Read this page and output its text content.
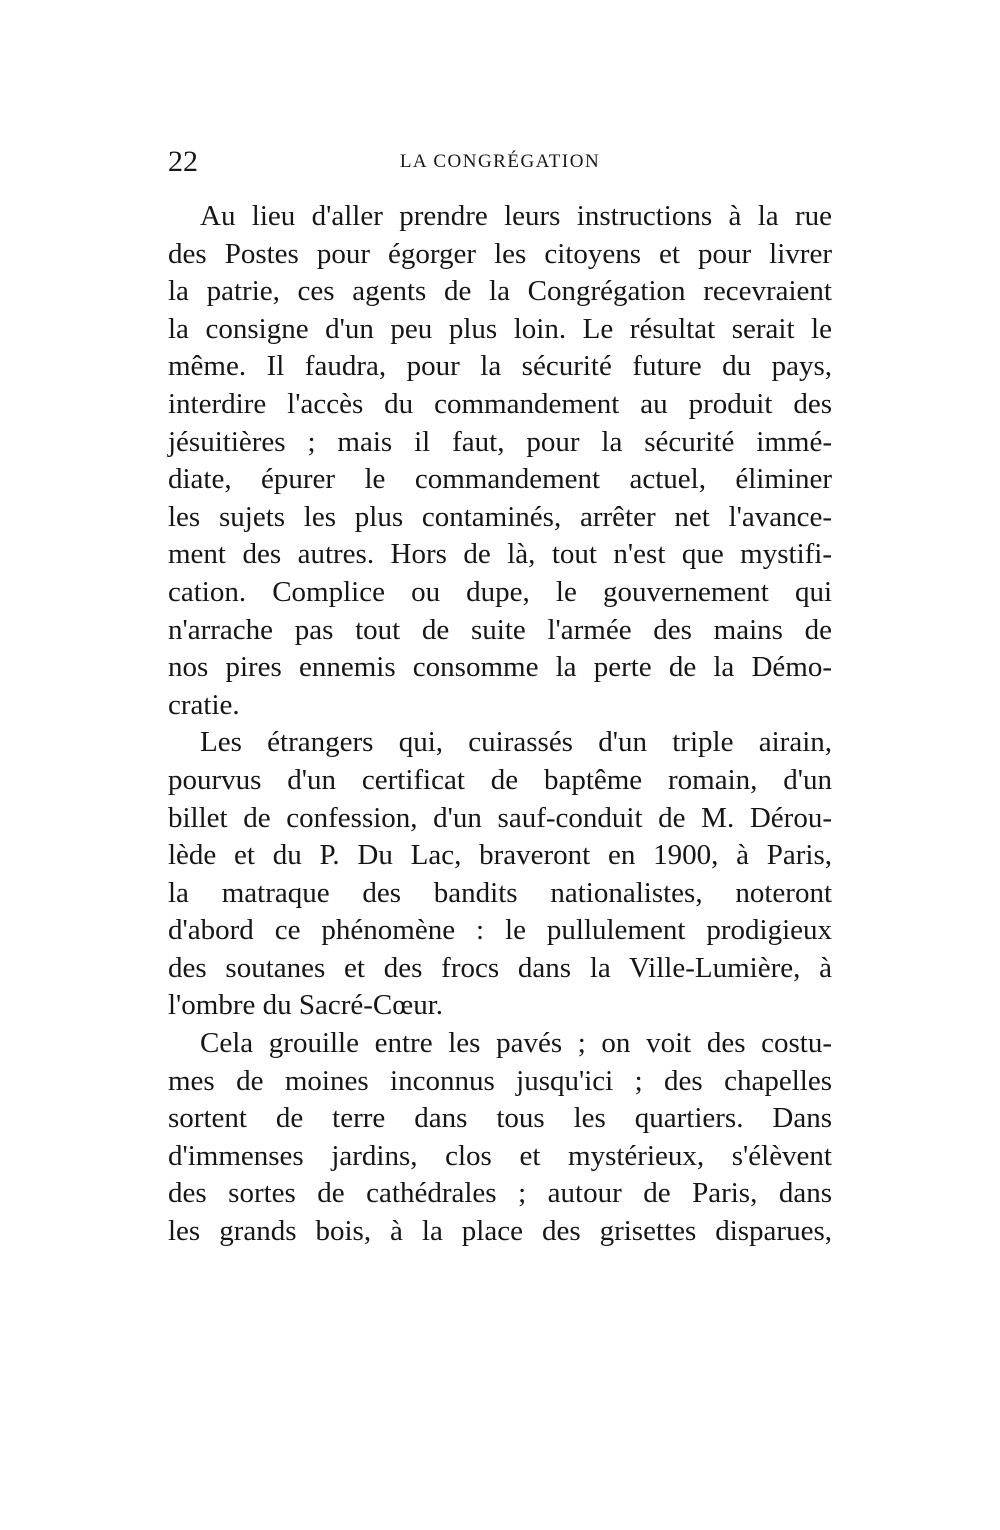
22	LA CONGRÉGATION
Au lieu d'aller prendre leurs instructions à la rue
des Postes pour égorger les citoyens et pour livrer
la patrie, ces agents de la Congrégation recevraient
la consigne d'un peu plus loin. Le résultat serait le
même. Il faudra, pour la sécurité future du pays,
interdire l'accès du commandement au produit des
jésuitières ; mais il faut, pour la sécurité immé-
diate, épurer le commandement actuel, éliminer
les sujets les plus contaminés, arrêter net l'avance-
ment des autres. Hors de là, tout n'est que mystifi-
cation. Complice ou dupe, le gouvernement qui
n'arrache pas tout de suite l'armée des mains de
nos pires ennemis consomme la perte de la Démo-
cratie.
Les étrangers qui, cuirassés d'un triple airain,
pourvus d'un certificat de baptême romain, d'un
billet de confession, d'un sauf-conduit de M. Dérou-
lède et du P. Du Lac, braveront en 1900, à Paris,
la matraque des bandits nationalistes, noteront
d'abord ce phénomène : le pullulement prodigieux
des soutanes et des frocs dans la Ville-Lumière, à
l'ombre du Sacré-Cœur.
Cela grouille entre les pavés ; on voit des costu-
mes de moines inconnus jusqu'ici ; des chapelles
sortent de terre dans tous les quartiers. Dans
d'immenses jardins, clos et mystérieux, s'élèvent
des sortes de cathédrales ; autour de Paris, dans
les grands bois, à la place des grisettes disparues,
